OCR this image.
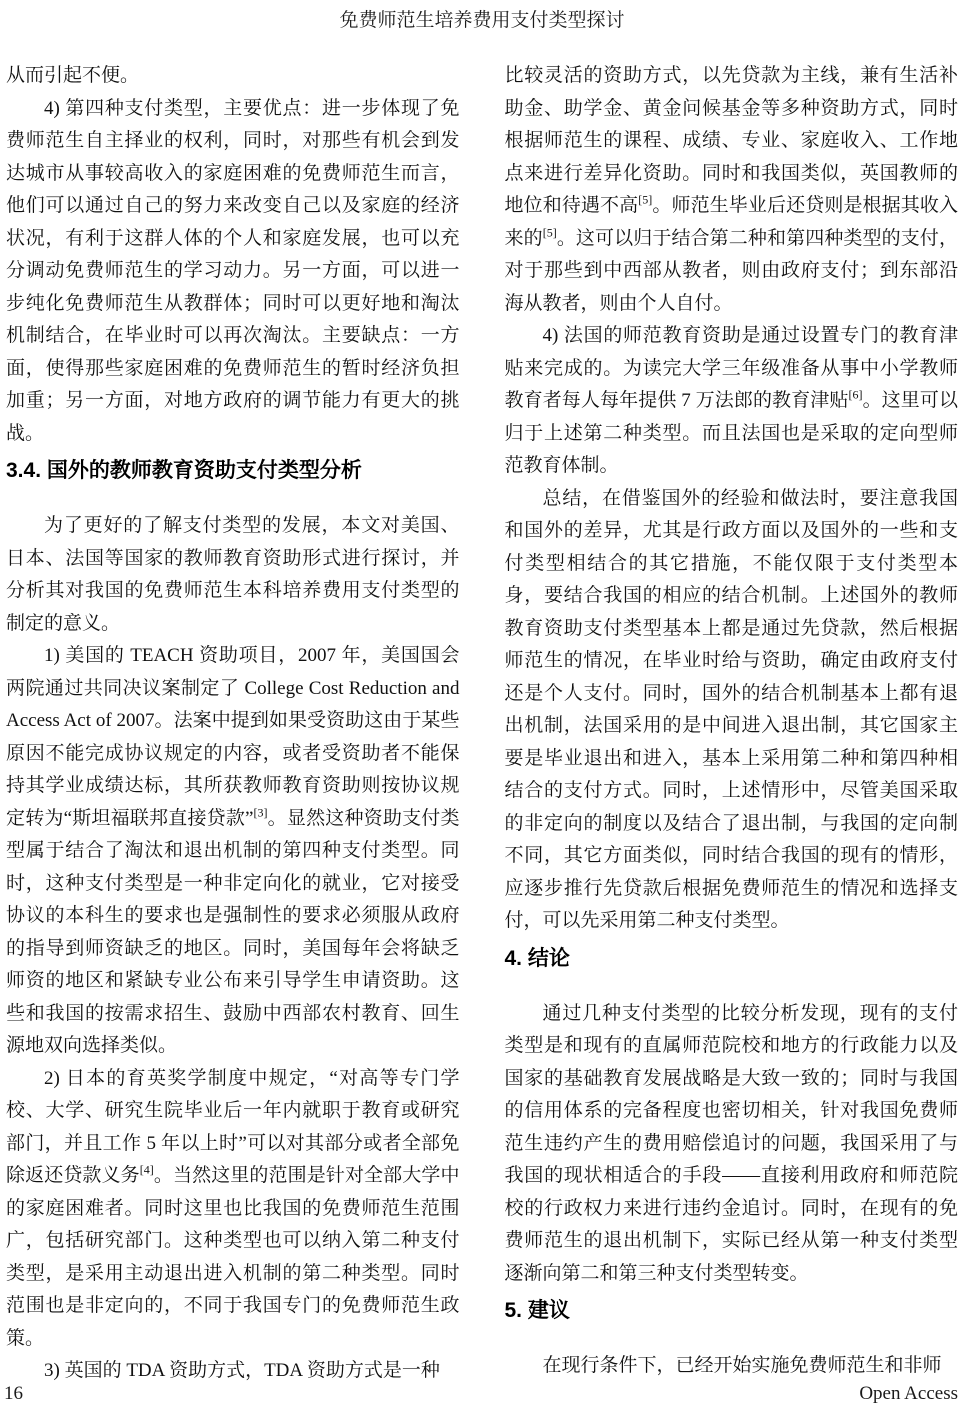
免费师范生培养费用支付类型探讨

从而引起不便。

4) 第四种支付类型，主要优点：进一步体现了免费师范生自主择业的权利，同时，对那些有机会到发达城市从事较高收入的家庭困难的免费师范生而言，他们可以通过自己的努力来改变自己以及家庭的经济状况，有利于这群人体的个人和家庭发展，也可以充分调动免费师范生的学习动力。另一方面，可以进一步纯化免费师范生从教群体；同时可以更好地和淘汰机制结合，在毕业时可以再次淘汰。主要缺点：一方面，使得那些家庭困难的免费师范生的暂时经济负担加重；另一方面，对地方政府的调节能力有更大的挑战。

3.4. 国外的教师教育资助支付类型分析

为了更好的了解支付类型的发展，本文对美国、日本、法国等国家的教师教育资助形式进行探讨，并分析其对我国的免费师范生本科培养费用支付类型的制定的意义。

1) 美国的 TEACH 资助项目，2007 年，美国国会两院通过共同决议案制定了 College Cost Reduction and Access Act of 2007。法案中提到如果受资助这由于某些原因不能完成协议规定的内容，或者受资助者不能保持其学业成绩达标，其所获教师教育资助则按协议规定转为“斯坦福联邦直接贷款”[3]。显然这种资助支付类型属于结合了淘汰和退出机制的第四种支付类型。同时，这种支付类型是一种非定向化的就业，它对接受协议的本科生的要求也是强制性的要求必须服从政府的指导到师资缺乏的地区。同时，美国每年会将缺乏师资的地区和紧缺专业公布来引导学生申请资助。这些和我国的按需求招生、鼓励中西部农村教育、回生源地双向选择类似。

2) 日本的育英奖学制度中规定，“对高等专门学校、大学、研究生院毕业后一年内就职于教育或研究部门，并且工作 5 年以上时”可以对其部分或者全部免除返还贷款义务[4]。当然这里的范围是针对全部大学中的家庭困难者。同时这里也比我国的免费师范生范围广，包括研究部门。这种类型也可以纳入第二种支付类型，是采用主动退出进入机制的第二种类型。同时范围也是非定向的，不同于我国专门的免费师范生政策。

3) 英国的 TDA 资助方式，TDA 资助方式是一种

比较灵活的资助方式，以先贷款为主线，兼有生活补助金、助学金、黄金问候基金等多种资助方式，同时根据师范生的课程、成绩、专业、家庭收入、工作地点来进行差异化资助。同时和我国类似，英国教师的地位和待遇不高[5]。师范生毕业后还贷则是根据其收入来的[5]。这可以归于结合第二种和第四种类型的支付，对于那些到中西部从教者，则由政府支付；到东部沿海从教者，则由个人自付。

4) 法国的师范教育资助是通过设置专门的教育津贴来完成的。为读完大学三年级准备从事中小学教师教育者每人每年提供 7 万法郎的教育津贴[6]。这里可以归于上述第二种类型。而且法国也是采取的定向型师范教育体制。

总结，在借鉴国外的经验和做法时，要注意我国和国外的差异，尤其是行政方面以及国外的一些和支付类型相结合的其它措施，不能仅限于支付类型本身，要结合我国的相应的结合机制。上述国外的教师教育资助支付类型基本上都是通过先贷款，然后根据师范生的情况，在毕业时给与资助，确定由政府支付还是个人支付。同时，国外的结合机制基本上都有退出机制，法国采用的是中间进入退出制，其它国家主要是毕业退出和进入，基本上采用第二种和第四种相结合的支付方式。同时，上述情形中，尽管美国采取的非定向的制度以及结合了退出制，与我国的定向制不同，其它方面类似，同时结合我国的现有的情形，应逐步推行先贷款后根据免费师范生的情况和选择支付，可以先采用第二种支付类型。

4. 结论

通过几种支付类型的比较分析发现，现有的支付类型是和现有的直属师范院校和地方的行政能力以及国家的基础教育发展战略是大致一致的；同时与我国的信用体系的完备程度也密切相关，针对我国免费师范生违约产生的费用赔偿追讨的问题，我国采用了与我国的现状相适合的手段——直接利用政府和师范院校的行政权力来进行违约金追讨。同时，在现有的免费师范生的退出机制下，实际已经从第一种支付类型逐渐向第二和第三种支付类型转变。

5. 建议

在现行条件下，已经开始实施免费师范生和非师

16	Open Access
